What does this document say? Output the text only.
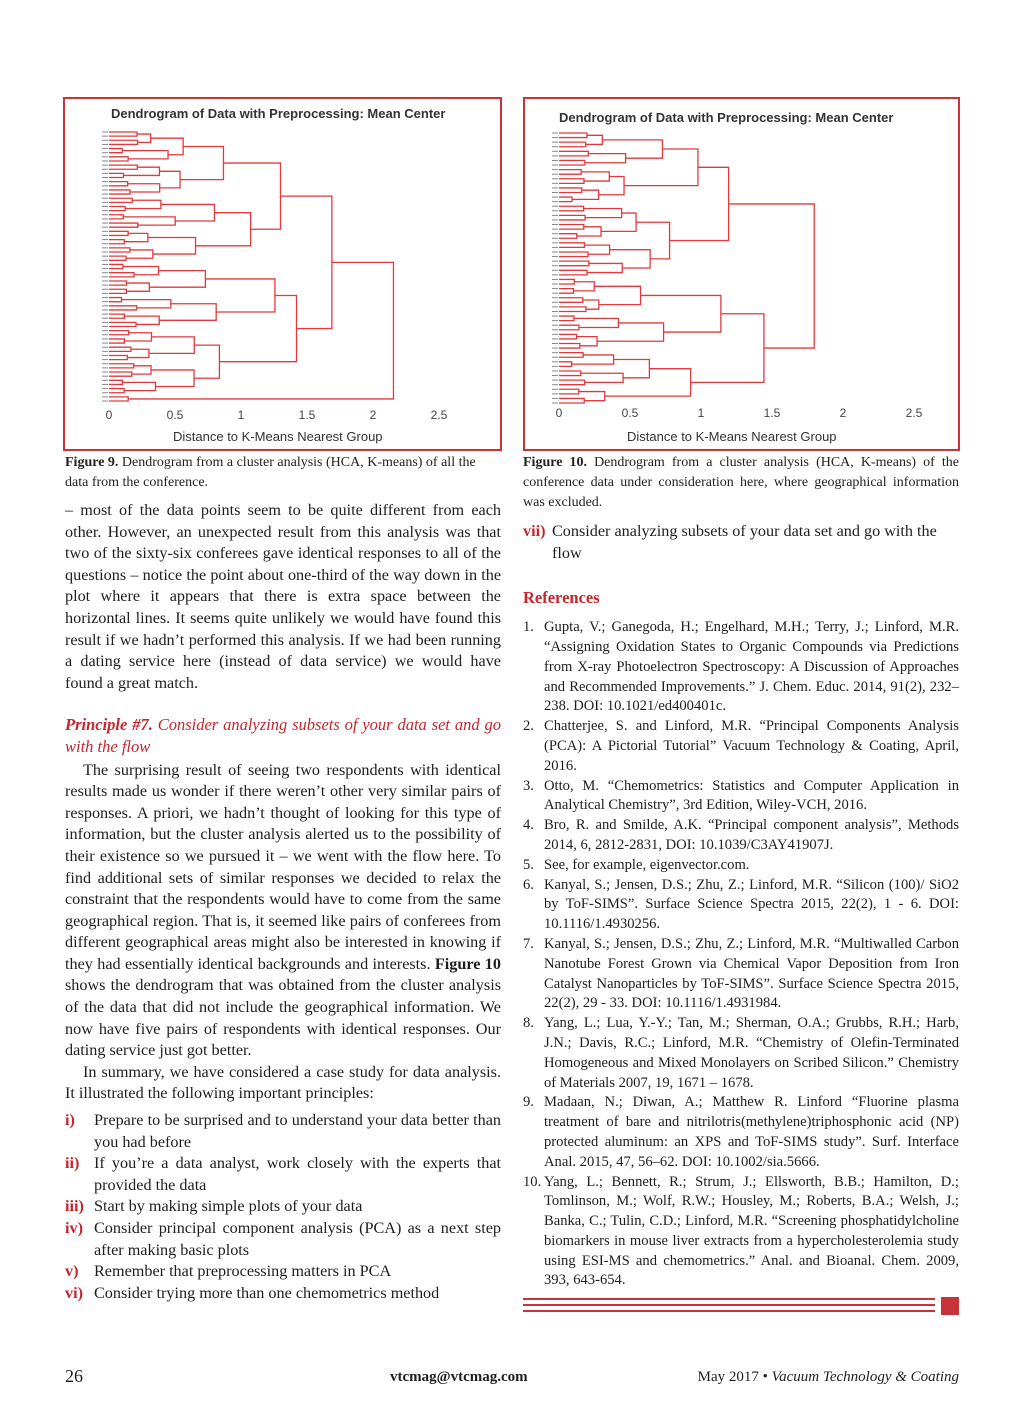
Dendrogram of Data with Preprocessing: Mean Center
0	0.5	1	1.5	2	2.5
Distance to K-Means Nearest Group
Figure 9. Dendrogram from a cluster analysis (HCA, K-means) of all the data from the conference.
Dendrogram of Data with Preprocessing: Mean Center
0	0.5	1	1.5	2	2.5
Distance to K-Means Nearest Group
Figure 10. Dendrogram from a cluster analysis (HCA, K-means) of the conference data under consideration here, where geographical information was excluded.

– most of the data points seem to be quite different from each other. However, an unexpected result from this analysis was that two of the sixty-six conferees gave identical responses to all of the questions – notice the point about one-third of the way down in the plot where it appears that there is extra space between the horizontal lines. It seems quite unlikely we would have found this result if we hadn’t performed this analysis. If we had been running a dating service here (instead of data service) we would have found a great match.

Principle #7. Consider analyzing subsets of your data set and go with the flow

The surprising result of seeing two respondents with identical results made us wonder if there weren’t other very similar pairs of responses. A priori, we hadn’t thought of looking for this type of information, but the cluster analysis alerted us to the possibility of their existence so we pursued it – we went with the flow here. To find additional sets of similar responses we decided to relax the constraint that the respondents would have to come from the same geographical region. That is, it seemed like pairs of conferees from different geographical areas might also be interested in knowing if they had essentially identical backgrounds and interests. Figure 10 shows the dendrogram that was obtained from the cluster analysis of the data that did not include the geographical information. We now have five pairs of respondents with identical responses. Our dating service just got better.

In summary, we have considered a case study for data analysis. It illustrated the following important principles:

i) Prepare to be surprised and to understand your data better than you had before
ii) If you’re a data analyst, work closely with the experts that provided the data
iii) Start by making simple plots of your data
iv) Consider principal component analysis (PCA) as a next step after making basic plots
v) Remember that preprocessing matters in PCA
vi) Consider trying more than one chemometrics method
vii) Consider analyzing subsets of your data set and go with the flow
References
1. Gupta, V.; Ganegoda, H.; Engelhard, M.H.; Terry, J.; Linford, M.R. “Assigning Oxidation States to Organic Compounds via Predictions from X-ray Photoelectron Spectroscopy: A Discussion of Approaches and Recommended Improvements.” J. Chem. Educ. 2014, 91(2), 232–238. DOI: 10.1021/ed400401c.
2. Chatterjee, S. and Linford, M.R. “Principal Components Analysis (PCA): A Pictorial Tutorial” Vacuum Technology & Coating, April, 2016.
3. Otto, M. “Chemometrics: Statistics and Computer Application in Analytical Chemistry”, 3rd Edition, Wiley-VCH, 2016.
4. Bro, R. and Smilde, A.K. “Principal component analysis”, Methods 2014, 6, 2812-2831, DOI: 10.1039/C3AY41907J.
5. See, for example, eigenvector.com.
6. Kanyal, S.; Jensen, D.S.; Zhu, Z.; Linford, M.R. “Silicon (100)/ SiO2 by ToF-SIMS”. Surface Science Spectra 2015, 22(2), 1 - 6. DOI: 10.1116/1.4930256.
7. Kanyal, S.; Jensen, D.S.; Zhu, Z.; Linford, M.R. “Multiwalled Carbon Nanotube Forest Grown via Chemical Vapor Deposition from Iron Catalyst Nanoparticles by ToF-SIMS”. Surface Science Spectra 2015, 22(2), 29 - 33. DOI: 10.1116/1.4931984.
8. Yang, L.; Lua, Y.-Y.; Tan, M.; Sherman, O.A.; Grubbs, R.H.; Harb, J.N.; Davis, R.C.; Linford, M.R. “Chemistry of Olefin-Terminated Homogeneous and Mixed Monolayers on Scribed Silicon.” Chemistry of Materials 2007, 19, 1671 – 1678.
9. Madaan, N.; Diwan, A.; Matthew R. Linford “Fluorine plasma treatment of bare and nitrilotris(methylene)triphosphonic acid (NP) protected aluminum: an XPS and ToF-SIMS study”. Surf. Interface Anal. 2015, 47, 56–62. DOI: 10.1002/sia.5666.
10. Yang, L.; Bennett, R.; Strum, J.; Ellsworth, B.B.; Hamilton, D.; Tomlinson, M.; Wolf, R.W.; Housley, M.; Roberts, B.A.; Welsh, J.; Banka, C.; Tulin, C.D.; Linford, M.R. “Screening phosphatidylcholine biomarkers in mouse liver extracts from a hypercholesterolemia study using ESI-MS and chemometrics.” Anal. and Bioanal. Chem. 2009, 393, 643-654.
26	vtcmag@vtcmag.com	May 2017 • Vacuum Technology & Coating
